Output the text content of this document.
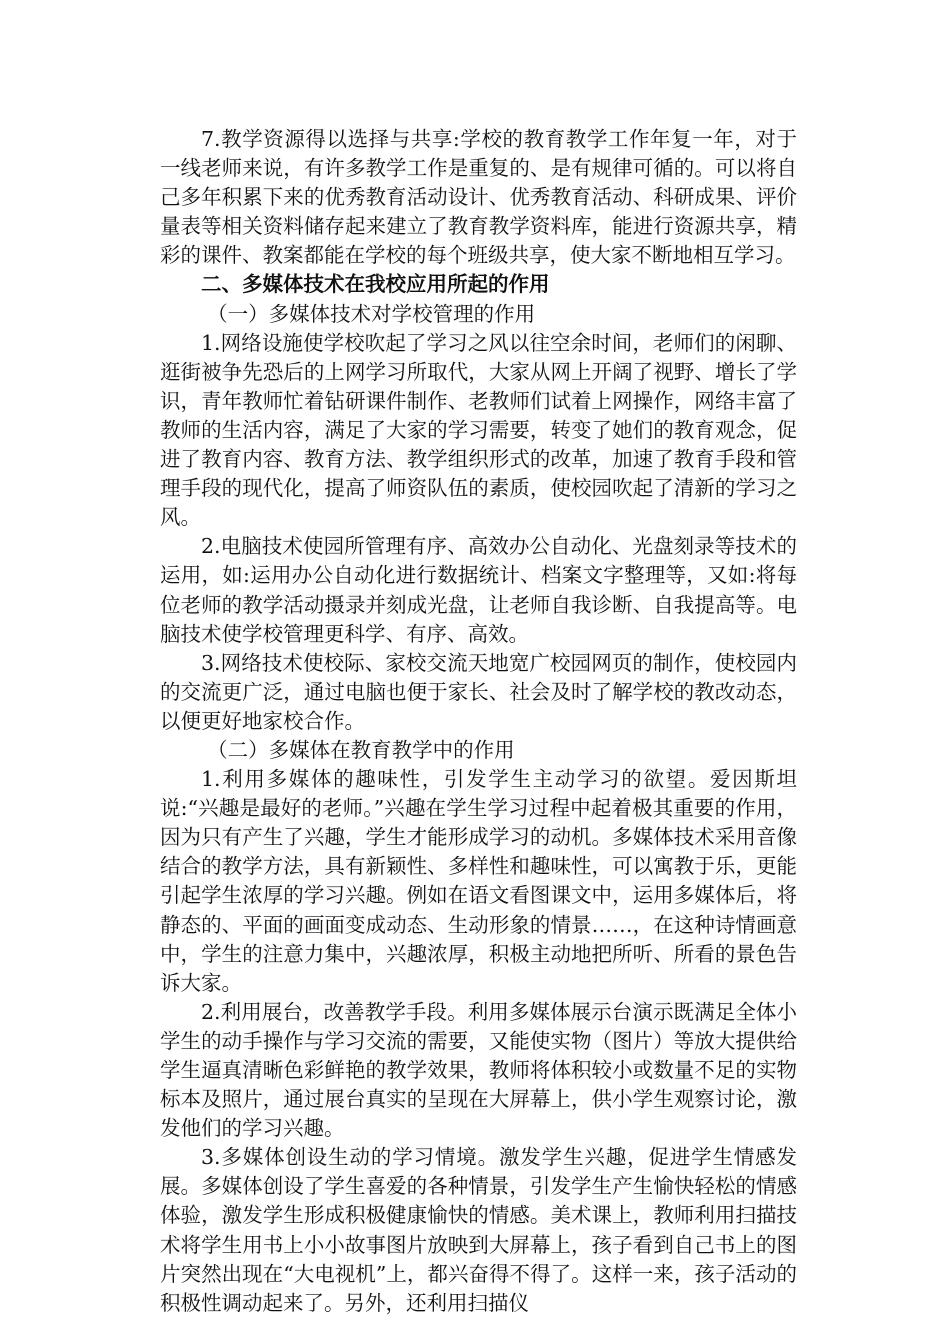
7.教学资源得以选择与共享:学校的教育教学工作年复一年，对于一线老师来说，有许多教学工作是重复的、是有规律可循的。可以将自己多年积累下来的优秀教育活动设计、优秀教育活动、科研成果、评价量表等相关资料储存起来建立了教育教学资料库，能进行资源共享，精彩的课件、教案都能在学校的每个班级共享，使大家不断地相互学习。

二、多媒体技术在我校应用所起的作用

（一）多媒体技术对学校管理的作用

1.网络设施使学校吹起了学习之风以往空余时间，老师们的闲聊、逛街被争先恐后的上网学习所取代，大家从网上开阔了视野、增长了学识，青年教师忙着钻研课件制作、老教师们试着上网操作，网络丰富了教师的生活内容，满足了大家的学习需要，转变了她们的教育观念，促进了教育内容、教育方法、教学组织形式的改革，加速了教育手段和管理手段的现代化，提高了师资队伍的素质，使校园吹起了清新的学习之风。

2.电脑技术使园所管理有序、高效办公自动化、光盘刻录等技术的运用，如:运用办公自动化进行数据统计、档案文字整理等，又如:将每位老师的教学活动摄录并刻成光盘，让老师自我诊断、自我提高等。电脑技术使学校管理更科学、有序、高效。

3.网络技术使校际、家校交流天地宽广校园网页的制作，使校园内的交流更广泛，通过电脑也便于家长、社会及时了解学校的教改动态，以便更好地家校合作。

（二）多媒体在教育教学中的作用

1.利用多媒体的趣味性，引发学生主动学习的欲望。爱因斯坦说:“兴趣是最好的老师。”兴趣在学生学习过程中起着极其重要的作用，因为只有产生了兴趣，学生才能形成学习的动机。多媒体技术采用音像结合的教学方法，具有新颖性、多样性和趣味性，可以寓教于乐，更能引起学生浓厚的学习兴趣。例如在语文看图课文中，运用多媒体后，将静态的、平面的画面变成动态、生动形象的情景……，在这种诗情画意中，学生的注意力集中，兴趣浓厚，积极主动地把所听、所看的景色告诉大家。

2.利用展台，改善教学手段。利用多媒体展示台演示既满足全体小学生的动手操作与学习交流的需要，又能使实物（图片）等放大提供给学生逼真清晰色彩鲜艳的教学效果，教师将体积较小或数量不足的实物标本及照片，通过展台真实的呈现在大屏幕上，供小学生观察讨论，激发他们的学习兴趣。

3.多媒体创设生动的学习情境。激发学生兴趣，促进学生情感发展。多媒体创设了学生喜爱的各种情景，引发学生产生愉快轻松的情感体验，激发学生形成积极健康愉快的情感。美术课上，教师利用扫描技术将学生用书上小小故事图片放映到大屏幕上，孩子看到自己书上的图片突然出现在“大电视机”上，都兴奋得不得了。这样一来，孩子活动的积极性调动起来了。另外，还利用扫描仪
